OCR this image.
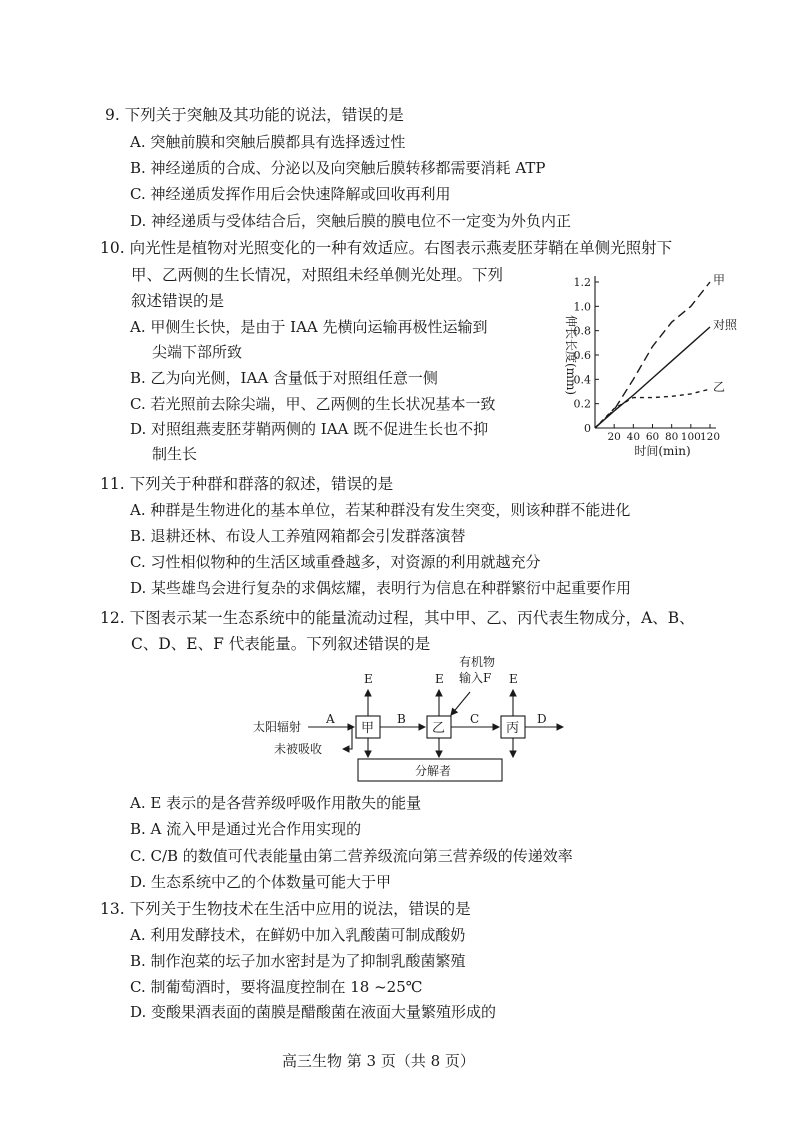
9. 下列关于突触及其功能的说法，错误的是
A. 突触前膜和突触后膜都具有选择透过性
B. 神经递质的合成、分泌以及向突触后膜转移都需要消耗 ATP
C. 神经递质发挥作用后会快速降解或回收再利用
D. 神经递质与受体结合后，突触后膜的膜电位不一定变为外负内正
10. 向光性是植物对光照变化的一种有效适应。右图表示燕麦胚芽鞘在单侧光照射下
甲、乙两侧的生长情况，对照组未经单侧光处理。下列
叙述错误的是
A. 甲侧生长快，是由于 IAA 先横向运输再极性运输到
尖端下部所致
B. 乙为向光侧，IAA 含量低于对照组任意一侧
C. 若光照前去除尖端，甲、乙两侧的生长状况基本一致
D. 对照组燕麦胚芽鞘两侧的 IAA 既不促进生长也不抑
制生长
0
0.2
0.4
0.6
0.8
1.0
1.2
20 40 60 80 100 120
伸长长度(mm)
时间(min)
甲
对照
乙
11. 下列关于种群和群落的叙述，错误的是
A. 种群是生物进化的基本单位，若某种群没有发生突变，则该种群不能进化
B. 退耕还林、布设人工养殖网箱都会引发群落演替
C. 习性相似物种的生活区域重叠越多，对资源的利用就越充分
D. 某些雄鸟会进行复杂的求偶炫耀，表明行为信息在种群繁衍中起重要作用
12. 下图表示某一生态系统中的能量流动过程，其中甲、乙、丙代表生物成分，A、B、
C、D、E、F 代表能量。下列叙述错误的是
太阳辐射
未被吸收
有机物
输入F
甲	乙	丙
分解者
A	B	C	D
E	E	E
A. E 表示的是各营养级呼吸作用散失的能量
B. A 流入甲是通过光合作用实现的
C. C/B 的数值可代表能量由第二营养级流向第三营养级的传递效率
D. 生态系统中乙的个体数量可能大于甲
13. 下列关于生物技术在生活中应用的说法，错误的是
A. 利用发酵技术，在鲜奶中加入乳酸菌可制成酸奶
B. 制作泡菜的坛子加水密封是为了抑制乳酸菌繁殖
C. 制葡萄酒时，要将温度控制在 18 ~25℃
D. 变酸果酒表面的菌膜是醋酸菌在液面大量繁殖形成的
高三生物 第 3 页（共 8 页）
